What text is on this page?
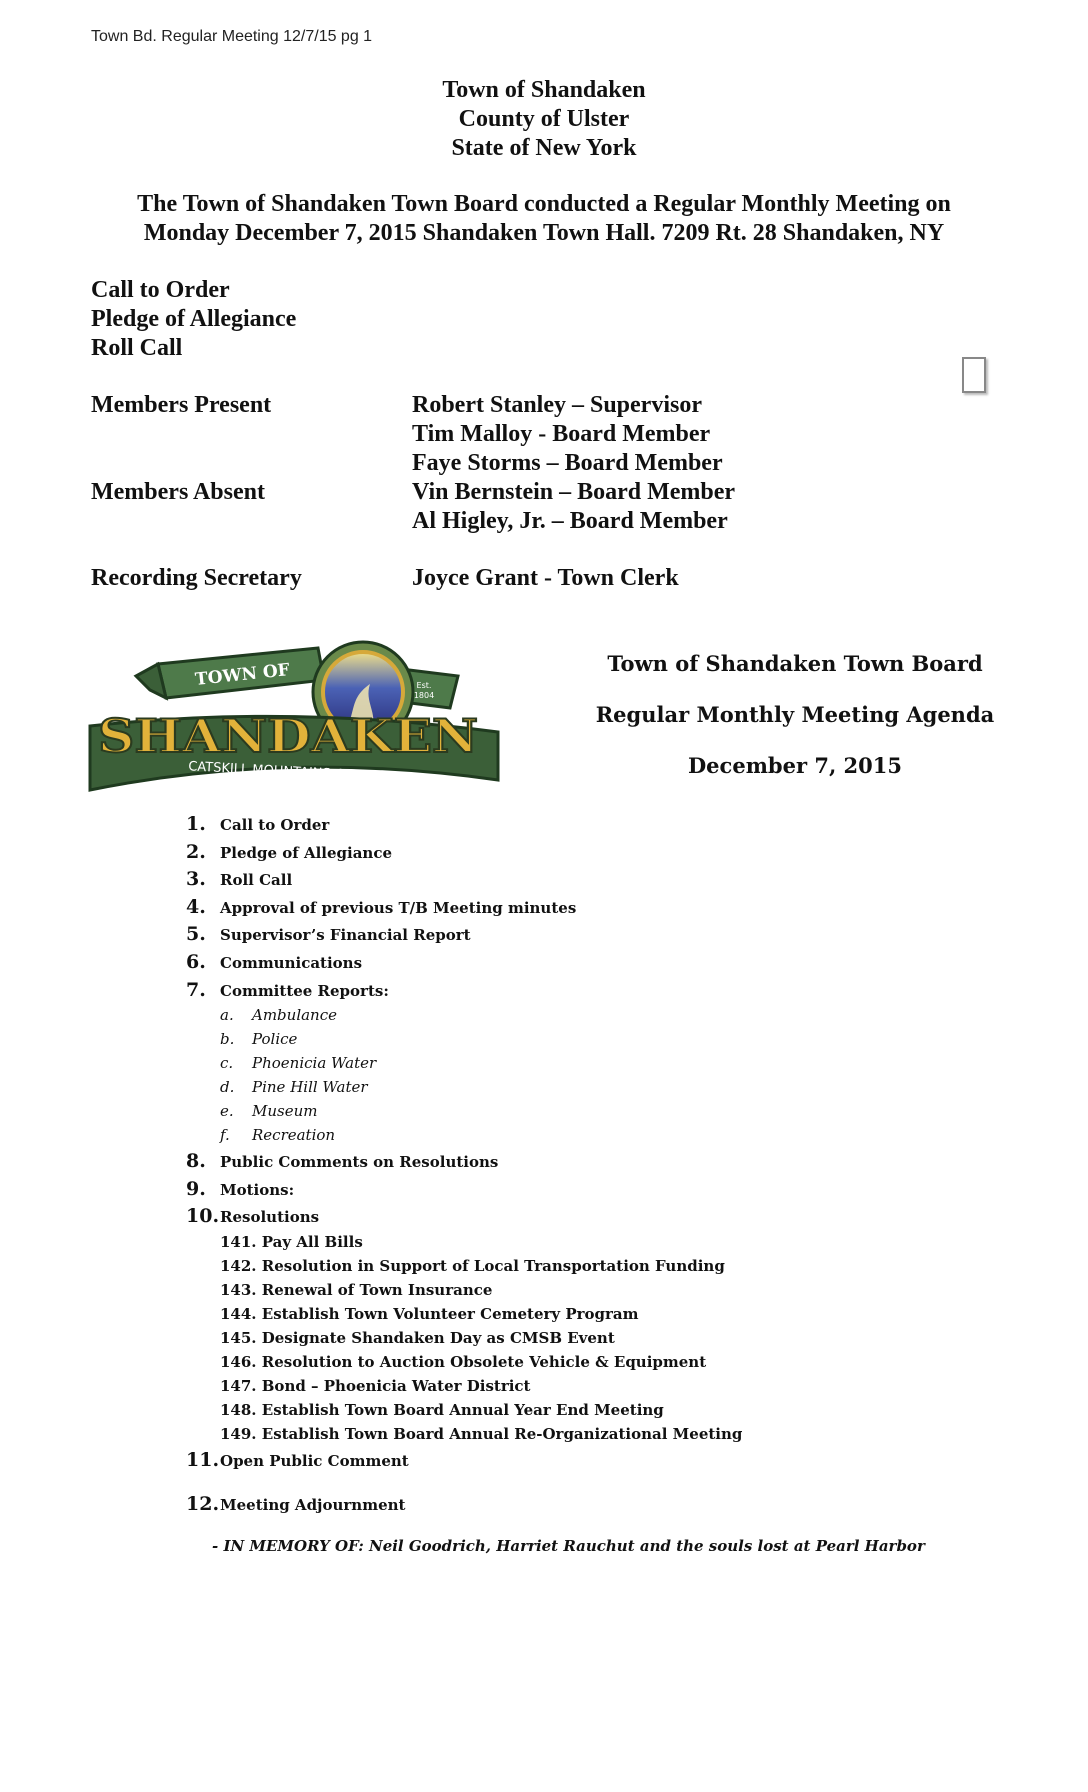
Town Bd. Regular Meeting 12/7/15 pg 1
Town of Shandaken
County of Ulster
State of New York
The Town of Shandaken Town Board conducted a Regular Monthly Meeting on
Monday December 7, 2015 Shandaken Town Hall. 7209 Rt. 28 Shandaken, NY
Call to Order
Pledge of Allegiance
Roll Call
Members Present	Robert Stanley – Supervisor
Tim Malloy - Board Member
Faye Storms – Board Member
Members Absent	Vin Bernstein – Board Member
Al Higley, Jr. – Board Member
Recording Secretary	Joyce Grant - Town Clerk
TOWN OF	Est.
1804
SHANDAKEN
CATSKILL MOUNTAINS•NEW YORK
Town of Shandaken Town Board
Regular Monthly Meeting Agenda
December 7, 2015
1. Call to Order
2. Pledge of Allegiance
3. Roll Call
4. Approval of previous T/B Meeting minutes
5. Supervisor’s Financial Report
6. Communications
7. Committee Reports:
a.	Ambulance
b.	Police
c.	Phoenicia Water
d.	Pine Hill Water
e.	Museum
f.	Recreation
8. Public Comments on Resolutions
9. Motions:
10. Resolutions
141. Pay All Bills
142. Resolution in Support of Local Transportation Funding
143. Renewal of Town Insurance
144. Establish Town Volunteer Cemetery Program
145. Designate Shandaken Day as CMSB Event
146. Resolution to Auction Obsolete Vehicle & Equipment
147. Bond – Phoenicia Water District
148. Establish Town Board Annual Year End Meeting
149. Establish Town Board Annual Re-Organizational Meeting
11. Open Public Comment
12. Meeting Adjournment
- IN MEMORY OF: Neil Goodrich, Harriet Rauchut and the souls lost at Pearl Harbor
